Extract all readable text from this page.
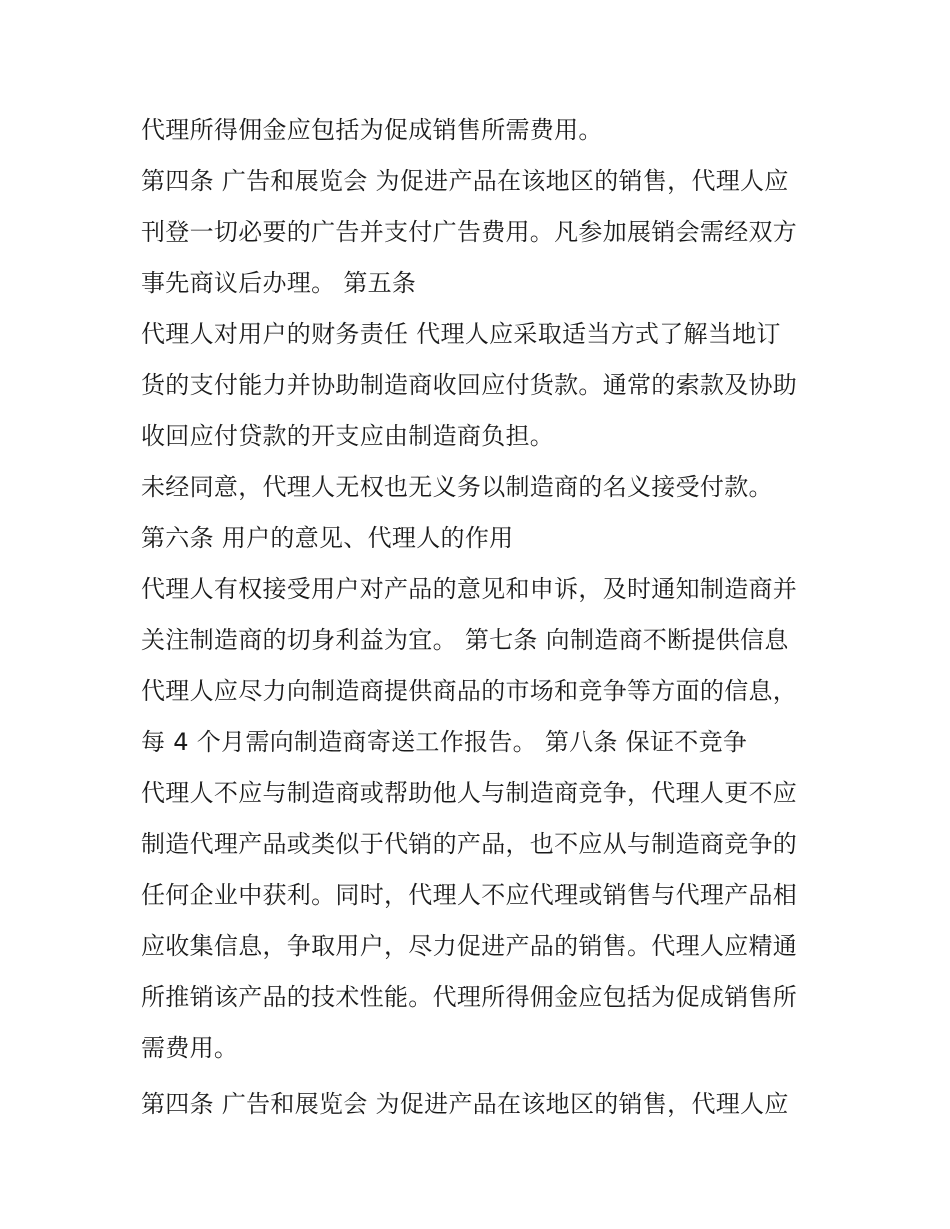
代理所得佣金应包括为促成销售所需费用。
第四条 广告和展览会 为促进产品在该地区的销售，代理人应
刊登一切必要的广告并支付广告费用。凡参加展销会需经双方
事先商议后办理。 第五条
代理人对用户的财务责任 代理人应采取适当方式了解当地订
货的支付能力并协助制造商收回应付货款。通常的索款及协助
收回应付贷款的开支应由制造商负担。
未经同意，代理人无权也无义务以制造商的名义接受付款。
第六条 用户的意见、代理人的作用
代理人有权接受用户对产品的意见和申诉，及时通知制造商并
关注制造商的切身利益为宜。 第七条 向制造商不断提供信息
代理人应尽力向制造商提供商品的市场和竞争等方面的信息，
每 4 个月需向制造商寄送工作报告。 第八条 保证不竞争
代理人不应与制造商或帮助他人与制造商竞争，代理人更不应
制造代理产品或类似于代销的产品，也不应从与制造商竞争的
任何企业中获利。同时，代理人不应代理或销售与代理产品相
应收集信息，争取用户，尽力促进产品的销售。代理人应精通
所推销该产品的技术性能。代理所得佣金应包括为促成销售所
需费用。
第四条 广告和展览会 为促进产品在该地区的销售，代理人应
